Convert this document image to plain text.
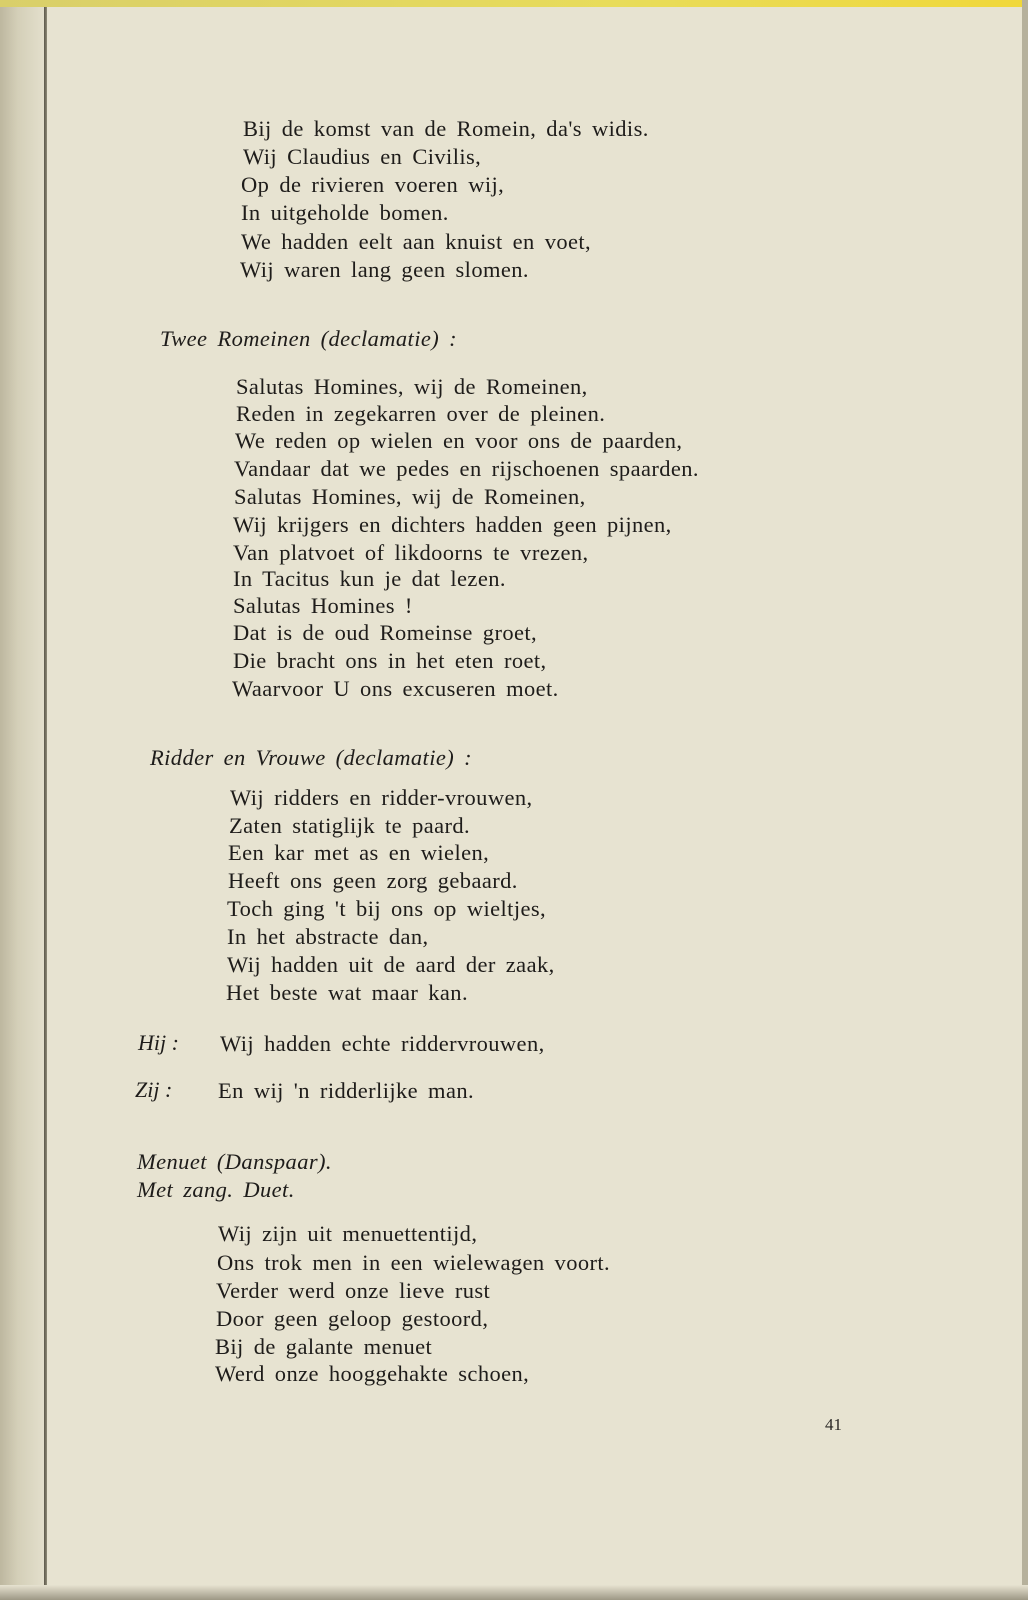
Bij de komst van de Romein, da's widis.
Wij Claudius en Civilis,
Op de rivieren voeren wij,
In uitgeholde bomen.
We hadden eelt aan knuist en voet,
Wij waren lang geen slomen.
Twee Romeinen (declamatie) :
Salutas Homines, wij de Romeinen,
Reden in zegekarren over de pleinen.
We reden op wielen en voor ons de paarden,
Vandaar dat we pedes en rijschoenen spaarden.
Salutas Homines, wij de Romeinen,
Wij krijgers en dichters hadden geen pijnen,
Van platvoet of likdoorns te vrezen,
In Tacitus kun je dat lezen.
Salutas Homines !
Dat is de oud Romeinse groet,
Die bracht ons in het eten roet,
Waarvoor U ons excuseren moet.
Ridder en Vrouwe (declamatie) :
Wij ridders en ridder-vrouwen,
Zaten statiglijk te paard.
Een kar met as en wielen,
Heeft ons geen zorg gebaard.
Toch ging 't bij ons op wieltjes,
In het abstracte dan,
Wij hadden uit de aard der zaak,
Het beste wat maar kan.
Hij : Wij hadden echte riddervrouwen,
Zij : En wij 'n ridderlijke man.
Menuet (Danspaar).
Met zang. Duet.
Wij zijn uit menuettentijd,
Ons trok men in een wielewagen voort.
Verder werd onze lieve rust
Door geen geloop gestoord,
Bij de galante menuet
Werd onze hooggehakte schoen,
41
